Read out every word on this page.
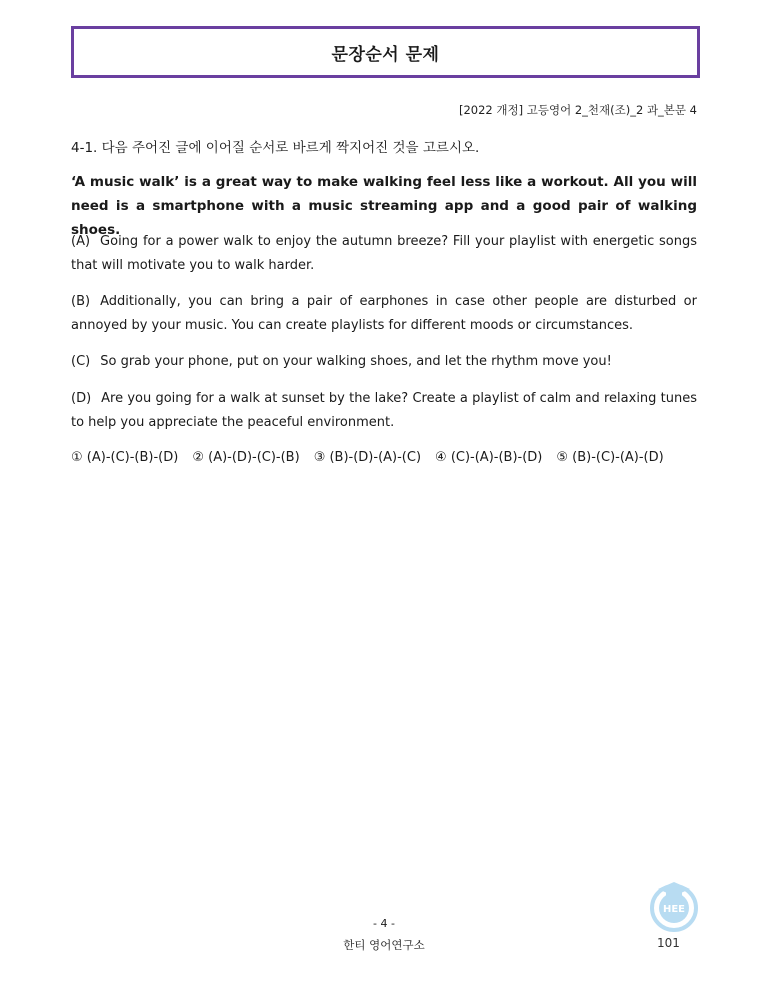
문장순서 문제
[2022 개정] 고등영어 2_천재(조)_2 과_본문 4
4-1. 다음 주어진 글에 이어질 순서로 바르게 짝지어진 것을 고르시오.
‘A music walk’ is a great way to make walking feel less like a workout. All you will need is a smartphone with a music streaming app and a good pair of walking shoes.
(A) Going for a power walk to enjoy the autumn breeze? Fill your playlist with energetic songs that will motivate you to walk harder.
(B) Additionally, you can bring a pair of earphones in case other people are disturbed or annoyed by your music. You can create playlists for different moods or circumstances.
(C) So grab your phone, put on your walking shoes, and let the rhythm move you!
(D) Are you going for a walk at sunset by the lake? Create a playlist of calm and relaxing tunes to help you appreciate the peaceful environment.
① (A)-(C)-(B)-(D) ② (A)-(D)-(C)-(B) ③ (B)-(D)-(A)-(C) ④ (C)-(A)-(B)-(D) ⑤ (B)-(C)-(A)-(D)
HEE
- 4 -
한티 영어연구소	101
